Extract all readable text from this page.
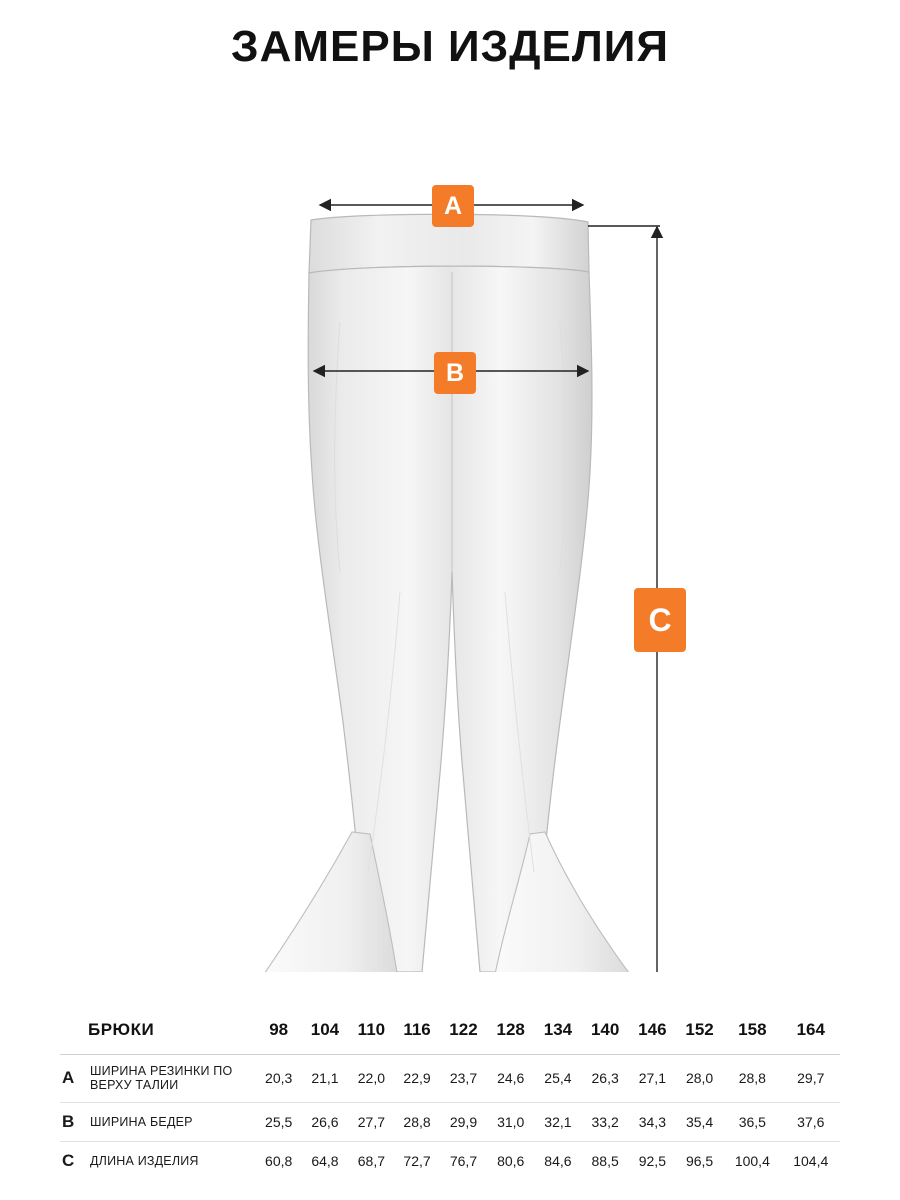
ЗАМЕРЫ ИЗДЕЛИЯ
A
B
C
БРЮКИ		98	104	110	116	122	128	134	140	146	152	158	164
A	ШИРИНА РЕЗИНКИ ПО ВЕРХУ ТАЛИИ	20,3	21,1	22,0	22,9	23,7	24,6	25,4	26,3	27,1	28,0	28,8	29,7
B	ШИРИНА БЕДЕР	25,5	26,6	27,7	28,8	29,9	31,0	32,1	33,2	34,3	35,4	36,5	37,6
C	ДЛИНА ИЗДЕЛИЯ	60,8	64,8	68,7	72,7	76,7	80,6	84,6	88,5	92,5	96,5	100,4	104,4
